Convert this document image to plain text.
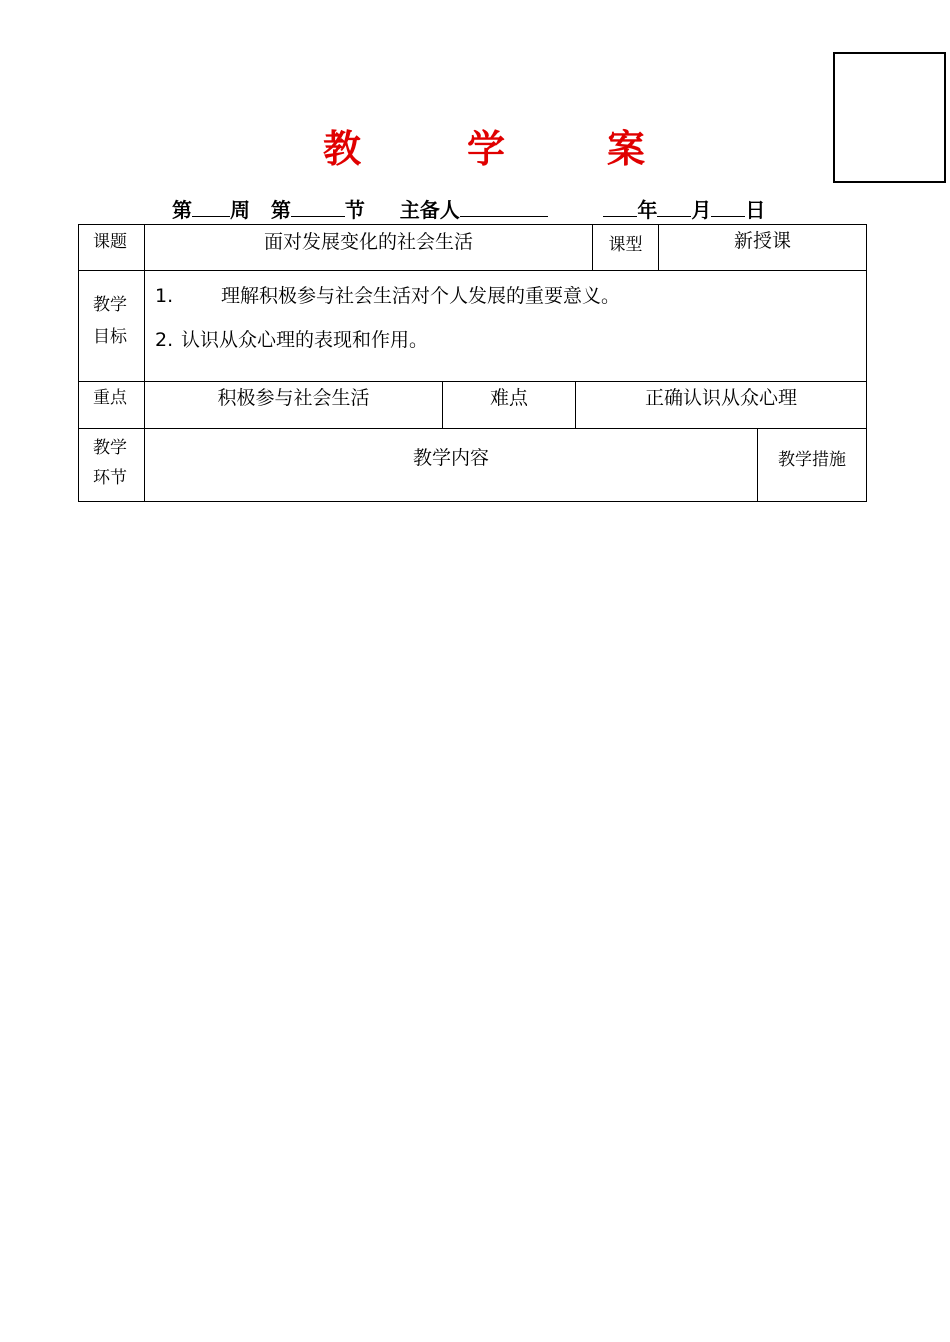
教	学	案
第 周 第	节 主备人	年 月 日
课题	面对发展变化的社会生活	课型	新授课
教学
目标
1.	理解积极参与社会生活对个人发展的重要意义。
2. 认识从众心理的表现和作用。
重点	积极参与社会生活	难点	正确认识从众心理
教学
环节
教学内容	教学措施
